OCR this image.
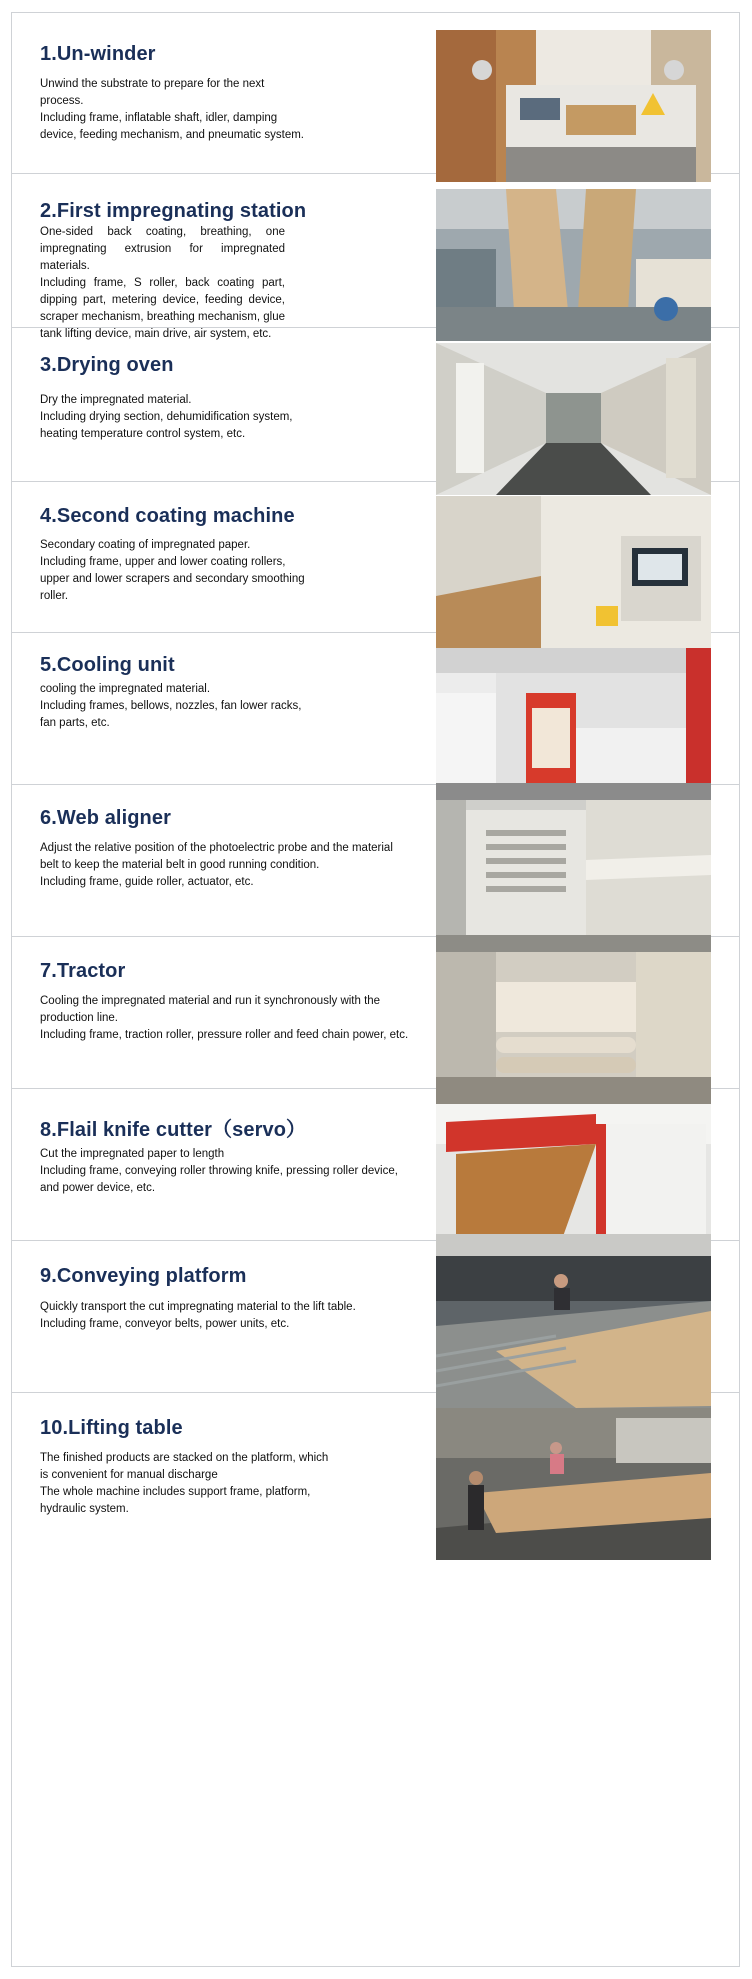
1.Un-winder

Unwind the substrate to prepare for the next process.

Including frame, inflatable shaft, idler, damping device, feeding mechanism, and pneumatic system.

2.First impregnating station

One-sided back coating, breathing, one impregnating extrusion for impregnated materials.

Including frame, S roller, back coating part, dipping part, metering device, feeding device, scraper mechanism, breathing mechanism, glue tank lifting device, main drive, air system, etc.

3.Drying oven

Dry the impregnated material.

Including drying section, dehumidification system, heating temperature control system, etc.

4.Second coating machine

Secondary coating of impregnated paper.

Including frame, upper and lower coating rollers, upper and lower scrapers and secondary smoothing roller.

5.Cooling unit

cooling the impregnated material.

Including frames, bellows, nozzles, fan lower racks, fan parts, etc.

6.Web aligner

Adjust the relative position of the photoelectric probe and the material belt to keep the material belt in good running condition.

Including frame, guide roller, actuator, etc.

7.Tractor

Cooling the impregnated material and run it synchronously with the production line.

Including frame, traction roller, pressure roller and feed chain power, etc.

8.Flail knife cutter（servo）

Cut the impregnated paper to length

Including frame, conveying roller throwing knife, pressing roller device, and power device, etc.

9.Conveying platform

Quickly transport the cut impregnating material to the lift table.

Including frame, conveyor belts, power units, etc.

10.Lifting table

The finished products are stacked on the platform, which is convenient for manual discharge

The whole machine includes support frame, platform, hydraulic system.
